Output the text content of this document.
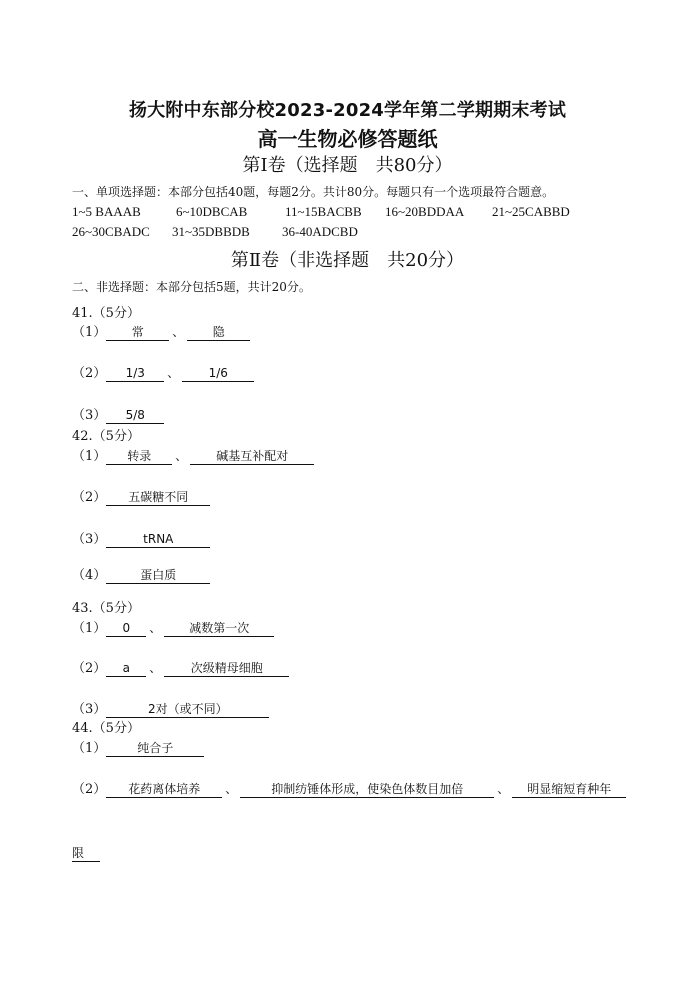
扬大附中东部分校2023-2024学年第二学期期末考试
高一生物必修答题纸
第Ⅰ卷（选择题　共80分）
一、单项选择题：本部分包括40题，每题2分。共计80分。每题只有一个选项最符合题意。
1~5 BAAAB	6~10DBCAB	11~15BACBB 16~20BDDAA 21~25CABBD
26~30CBADC 31~35DBBDB 36-40ADCBD
第Ⅱ卷（非选择题　共20分）
二、非选择题：本部分包括5题，共计20分。
41.（5分）
（1） 常 、 隐
（2） 1/3 、 1/6
（3） 5/8
42.（5分）
（1） 转录 、 碱基互补配对
（2） 五碳糖不同
（3）	tRNA
（4）	蛋白质
43.（5分）
（1） 0 、 减数第一次
（2） a 、 次级精母细胞
（3）	2对（或不同）
44.（5分）
（1）	纯合子
（2） 花药离体培养 、	抑制纺锤体形成，使染色体数目加倍	、 明显缩短育种年
限
